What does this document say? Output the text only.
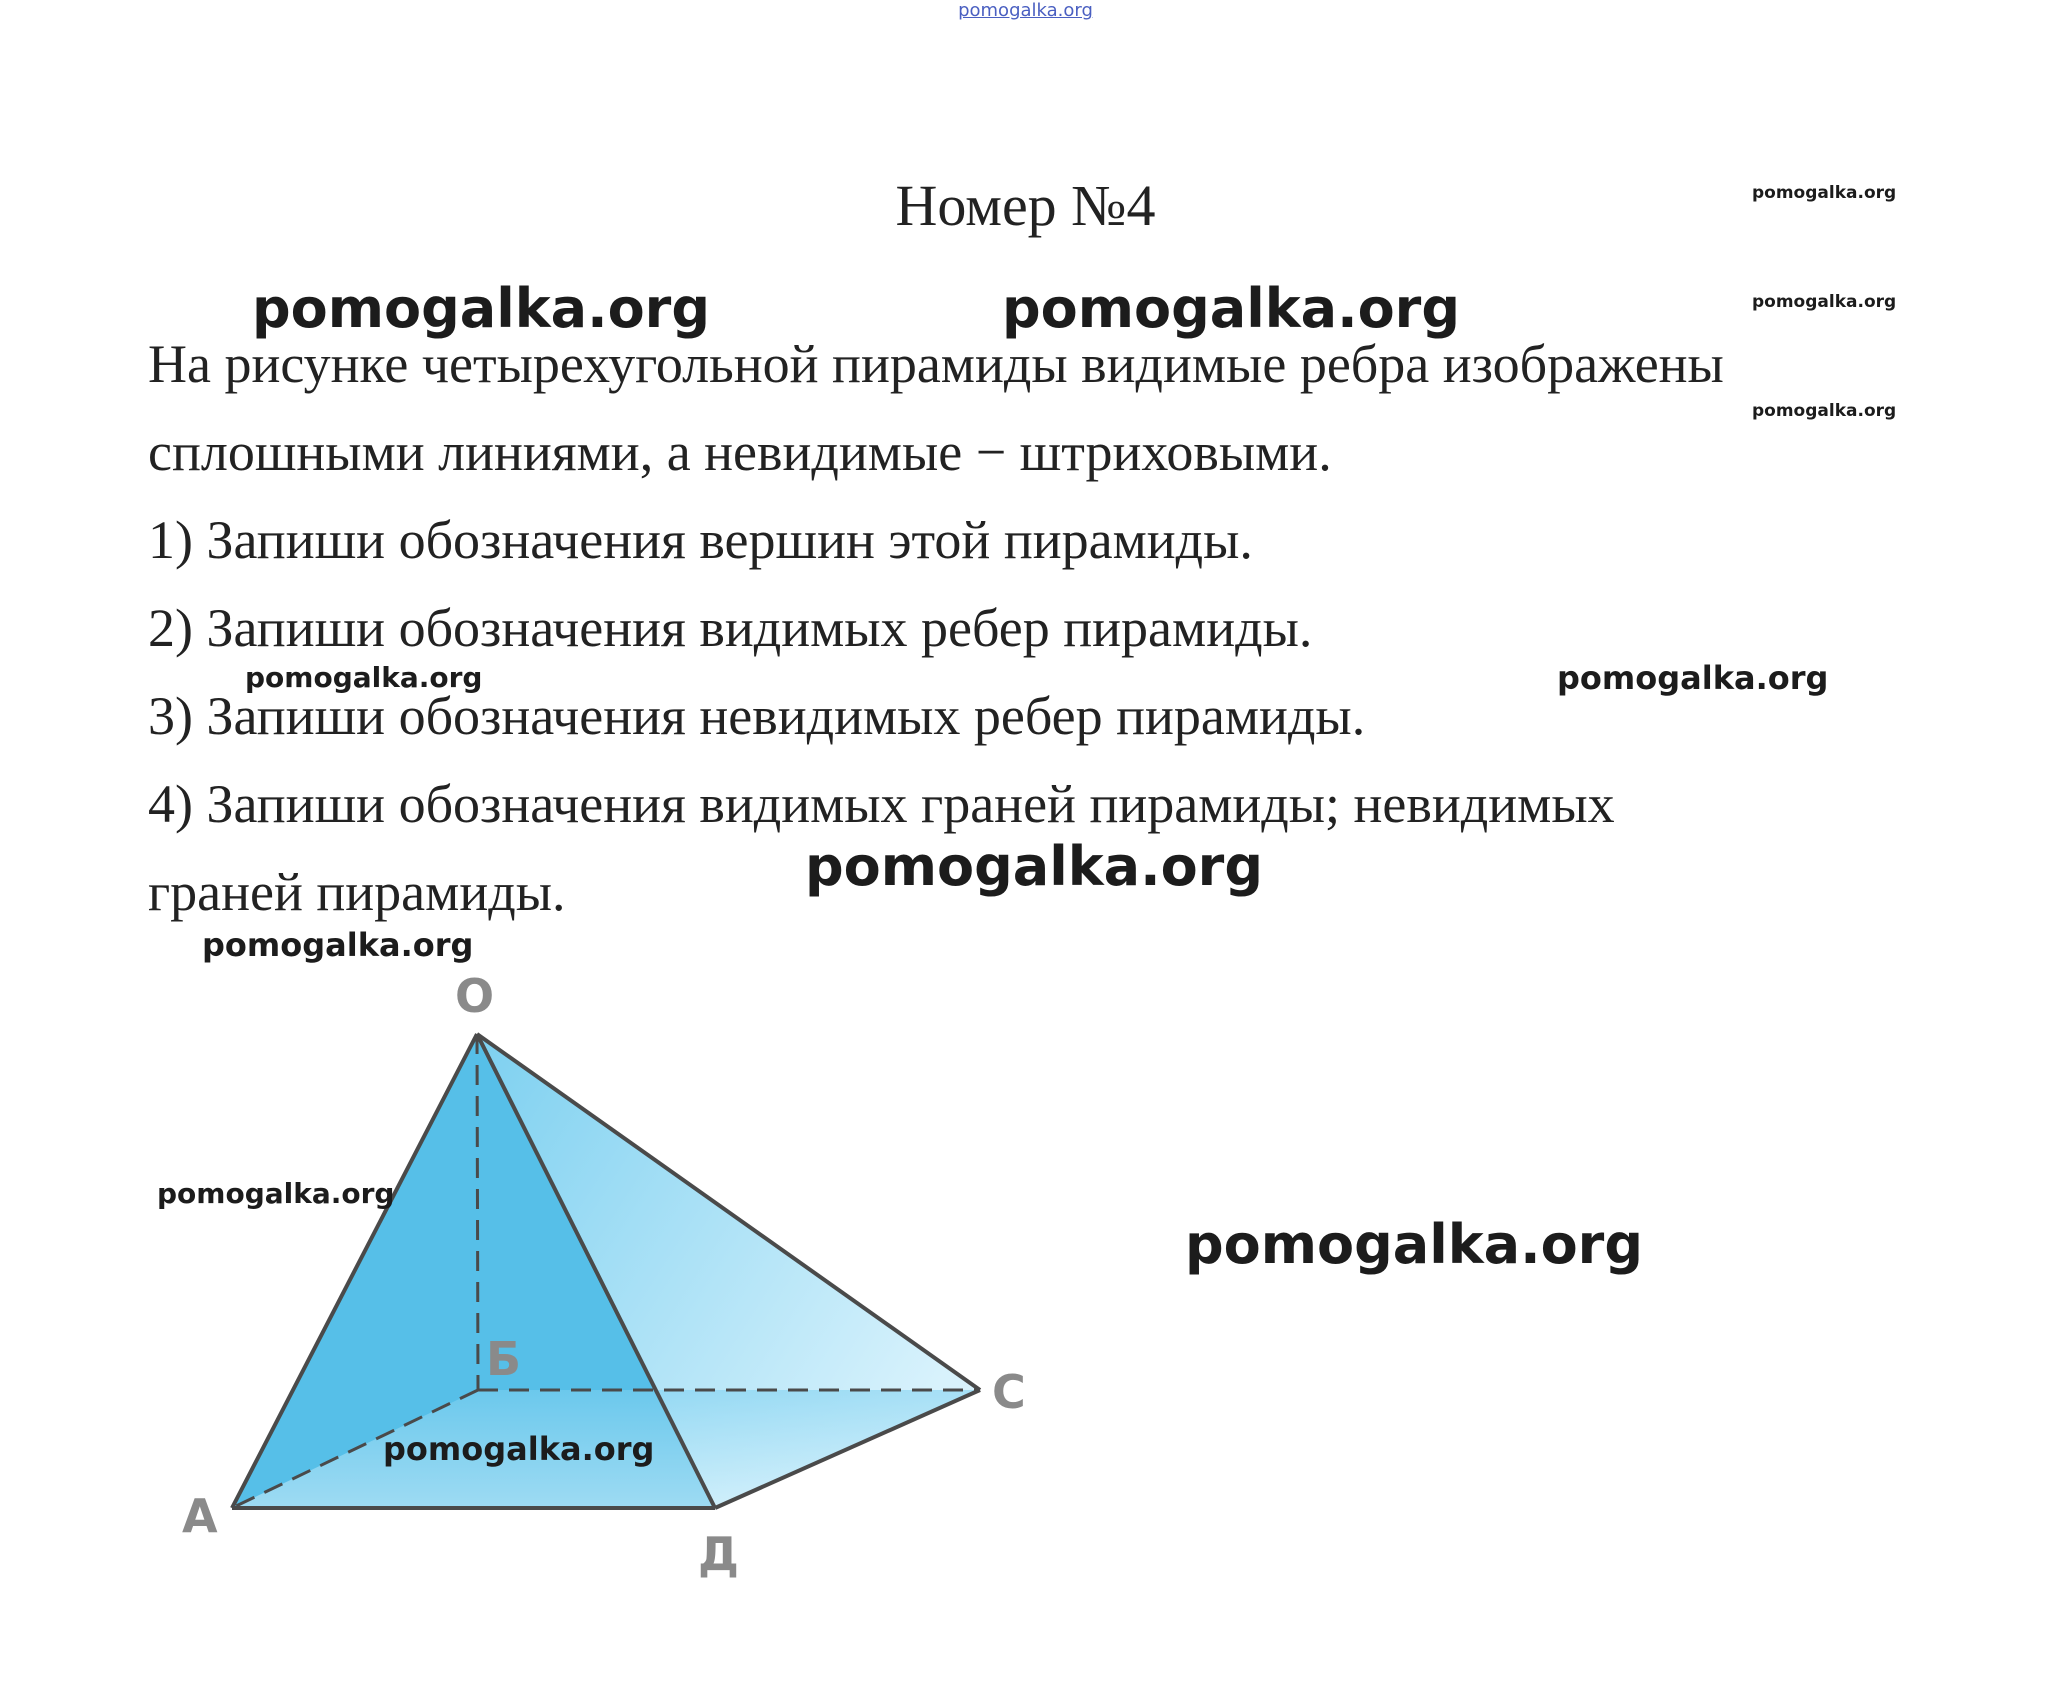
pomogalka.org
Номер №4

На рисунке четырехугольной пирамиды видимые ребра изображены

сплошными линиями, а невидимые − штриховыми.

1) Запиши обозначения вершин этой пирамиды.

2) Запиши обозначения видимых ребер пирамиды.

3) Запиши обозначения невидимых ребер пирамиды.

4) Запиши обозначения видимых граней пирамиды; невидимых

граней пирамиды.

О
Б
С
А
Д
pomogalka.org
pomogalka.org
pomogalka.org
pomogalka.org	pomogalka.org
pomogalka.org	pomogalka.org
pomogalka.org
pomogalka.org
pomogalka.org
pomogalka.org
pomogalka.org
